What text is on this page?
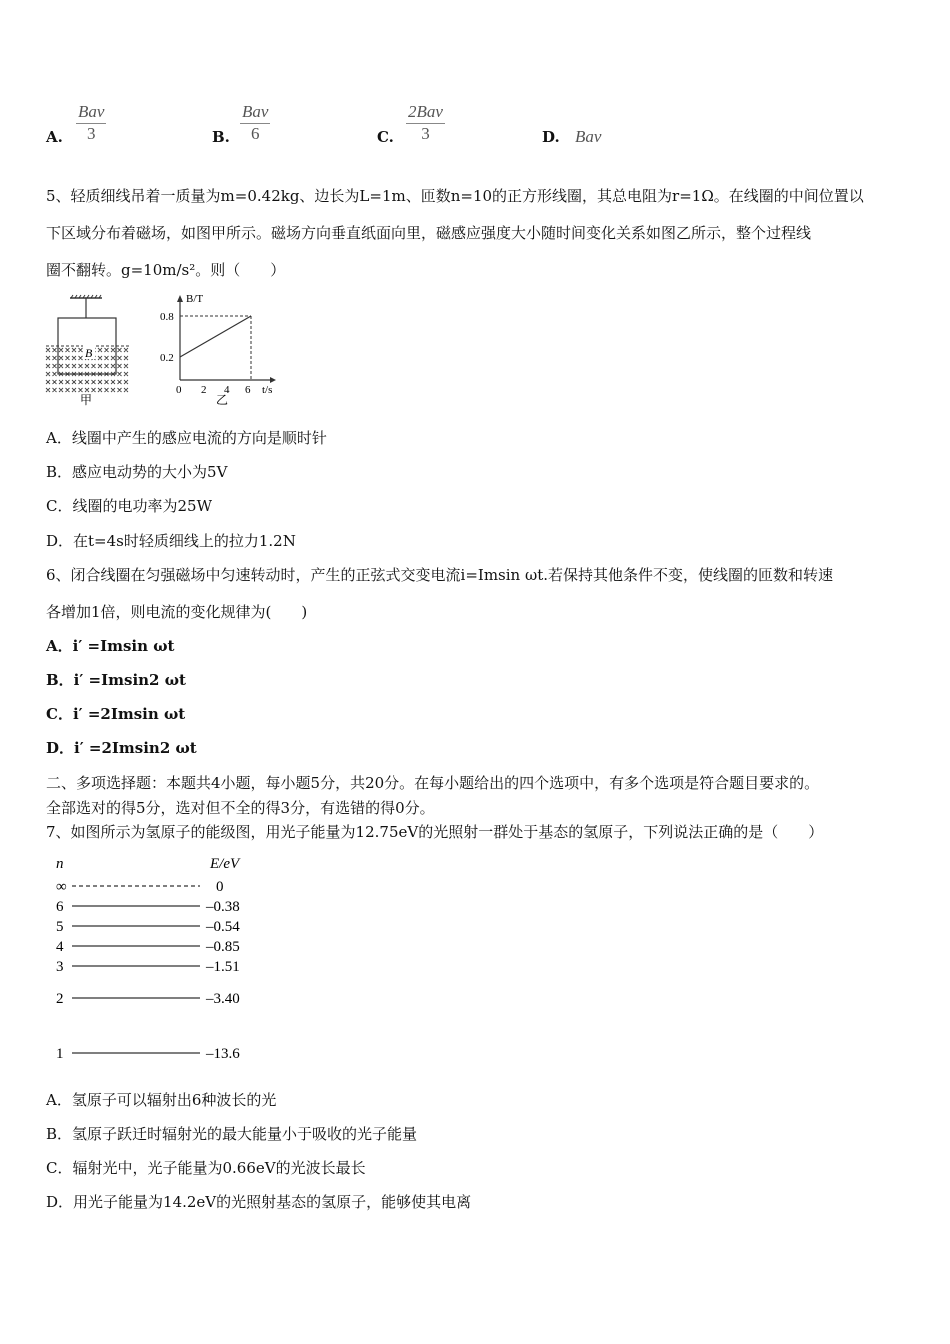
A.
Bav
3	B.
Bav
6	C.
2Bav
3	D. Bav
5、轻质细线吊着一质量为m=0.42kg、边长为L=1m、匝数n=10的正方形线圈，其总电阻为r=1Ω。在线圈的中间位置以
下区域分布着磁场，如图甲所示。磁场方向垂直纸面向里，磁感应强度大小随时间变化关系如图乙所示，整个过程线
圈不翻转。g=10m/s²。则（　　）
B
甲
B/T
0.8
0.2
0 2 4 6 t/s
乙
A．线圈中产生的感应电流的方向是顺时针
B．感应电动势的大小为5V
C．线圈的电功率为25W
D．在t=4s时轻质细线上的拉力1.2N
6、闭合线圈在匀强磁场中匀速转动时，产生的正弦式交变电流i=Imsin ωt.若保持其他条件不变，使线圈的匝数和转速
各增加1倍，则电流的变化规律为(　　)
A．i′ =Imsin ωt
B．i′ =Imsin2 ωt
C．i′ =2Imsin ωt
D．i′ =2Imsin2 ωt
二、多项选择题：本题共4小题，每小题5分，共20分。在每小题给出的四个选项中，有多个选项是符合题目要求的。
全部选对的得5分，选对但不全的得3分，有选错的得0分。
7、如图所示为氢原子的能级图，用光子能量为12.75eV的光照射一群处于基态的氢原子，下列说法正确的是（　　）
n	E/eV
∞	0
6	–0.38
5	–0.54
4	–0.85
3	–1.51
2	–3.40
1	–13.6
A．氢原子可以辐射出6种波长的光
B．氢原子跃迁时辐射光的最大能量小于吸收的光子能量
C．辐射光中，光子能量为0.66eV的光波长最长
D．用光子能量为14.2eV的光照射基态的氢原子，能够使其电离
